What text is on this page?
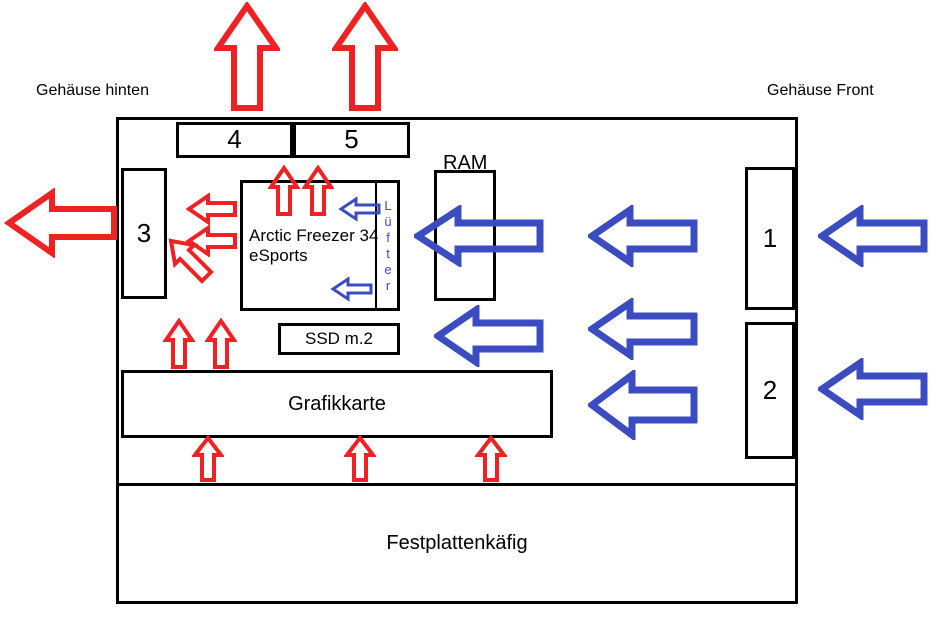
Gehäuse hinten	Gehäuse Front
RAM
4	5
3	1
2
Arctic Freezer 34 eSports	Lüfter
SSD m.2
Grafikkarte
Festplattenkäfig
